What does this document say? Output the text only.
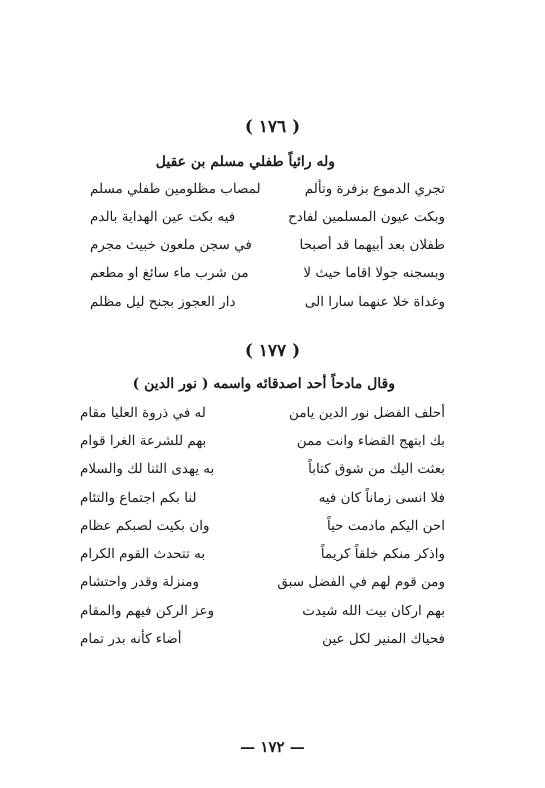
( ١٧٦ )
وله رائياً طفلي مسلم بن عقيل
تجري الدموع بزفرة وتألم
لمصاب مظلومين طفلي مسلم
وبكت عيون المسلمين لفادح
فيه بكت عين الهداية بالدم
طفلان بعد أبيهما قد أصبحا
في سجن ملعون خبيث مجرم
وبسجنه جولا اقاما حيث لا
من شرب ماء سائغ او مطعم
وغداة خلا عنهما سارا الى
دار العجوز بجنح ليل مظلم
( ١٧٧ )
وقال مادحاً أحد اصدقائه واسمه ( نور الدين )
أحلف الفضل نور الدين يامن
له في ذروة العليا مقام
بك ابتهج القضاء وانت ممن
بهم للشرعة الغرا قوام
بعثت اليك من شوق كتاباً
به يهدى الثنا لك والسلام
فلا انسى زماناً كان فيه
لنا بكم اجتماع والتئام
احن اليكم مادمت حياً
وان بكيت لصبكم عظام
واذكر منكم خلقاً كريماً
به تتحدث القوم الكرام
ومن قوم لهم في الفضل سبق
ومنزلة وقدر واحتشام
بهم اركان بيت الله شيدت
وعز الركن فيهم والمقام
فحياك المنير لكل عين
أضاء كأنه بدر تمام
— ١٧٢ —
